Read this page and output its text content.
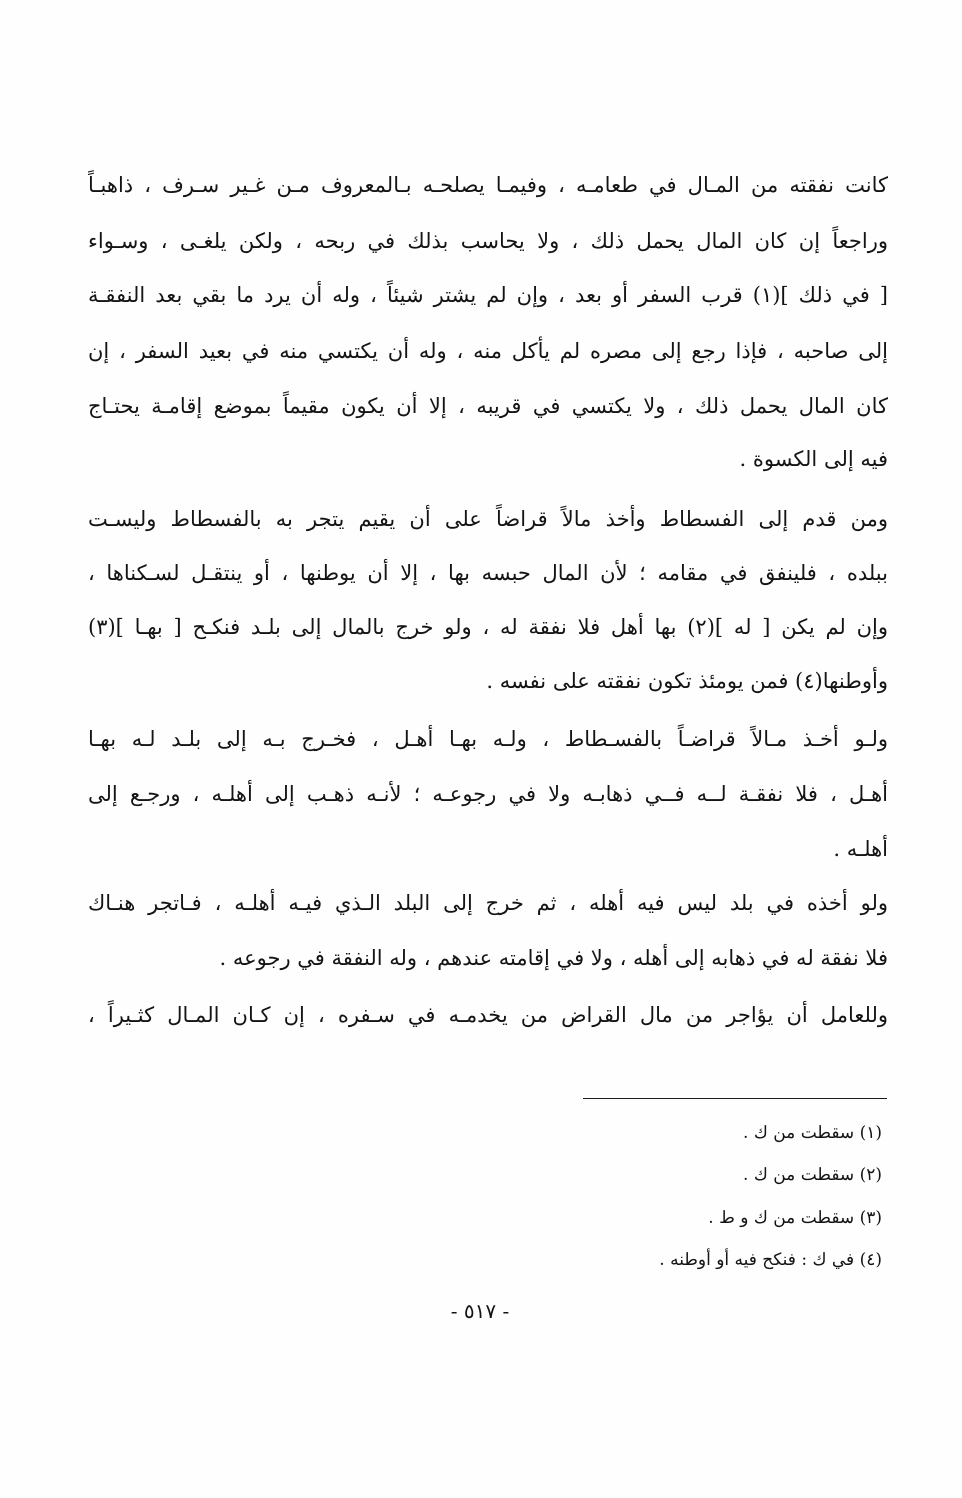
كانت نفقته من المـال في طعامـه ، وفيمـا يصلحـه بـالمعروف مـن غـير سـرف ، ذاهبـاً
وراجعاً إن كان المال يحمل ذلك ، ولا يحاسب بذلك في ربحه ، ولكن يلغـى ، وسـواء
[ في ذلك ](١) قرب السفر أو بعد ، وإن لم يشتر شيئاً ، وله أن يرد ما بقي بعد النفقـة
إلى صاحبه ، فإذا رجع إلى مصره لم يأكل منه ، وله أن يكتسي منه في بعيد السفر ، إن
كان المال يحمل ذلك ، ولا يكتسي في قريبه ، إلا أن يكون مقيماً بموضع إقامـة يحتـاج
فيه إلى الكسوة .
ومن قدم إلى الفسطاط وأخذ مالاً قراضاً على أن يقيم يتجر به بالفسطاط وليسـت
ببلده ، فلينفق في مقامه ؛ لأن المال حبسه بها ، إلا أن يوطنها ، أو ينتقـل لسـكناها ،
وإن لم يكن [ له ](٢) بها أهل فلا نفقة له ، ولو خرج بالمال إلى بلـد فنكـح [ بهـا ](٣)
وأوطنها(٤) فمن يومئذ تكون نفقته على نفسه .
ولـو أخـذ مـالاً قراضـاً بالفسـطاط ، ولـه بهـا أهـل ، فخـرج بـه إلى بلـد لـه بهـا
أهـل ، فلا نفقـة لــه فــي ذهابـه ولا في رجوعـه ؛ لأنـه ذهـب إلى أهلـه ، ورجـع إلى
أهلـه .
ولو أخذه في بلد ليس فيه أهله ، ثم خرج إلى البلد الـذي فيـه أهلـه ، فـاتجر هنـاك
فلا نفقة له في ذهابه إلى أهله ، ولا في إقامته عندهم ، وله النفقة في رجوعه .
وللعامل أن يؤاجر من مال القراض من يخدمـه في سـفره ، إن كـان المـال كثـيراً ،
(١) سقطت من ك .
(٢) سقطت من ك .
(٣) سقطت من ك و ط .
(٤) في ك : فنكح فيه أو أوطنه .
- ٥١٧ -
